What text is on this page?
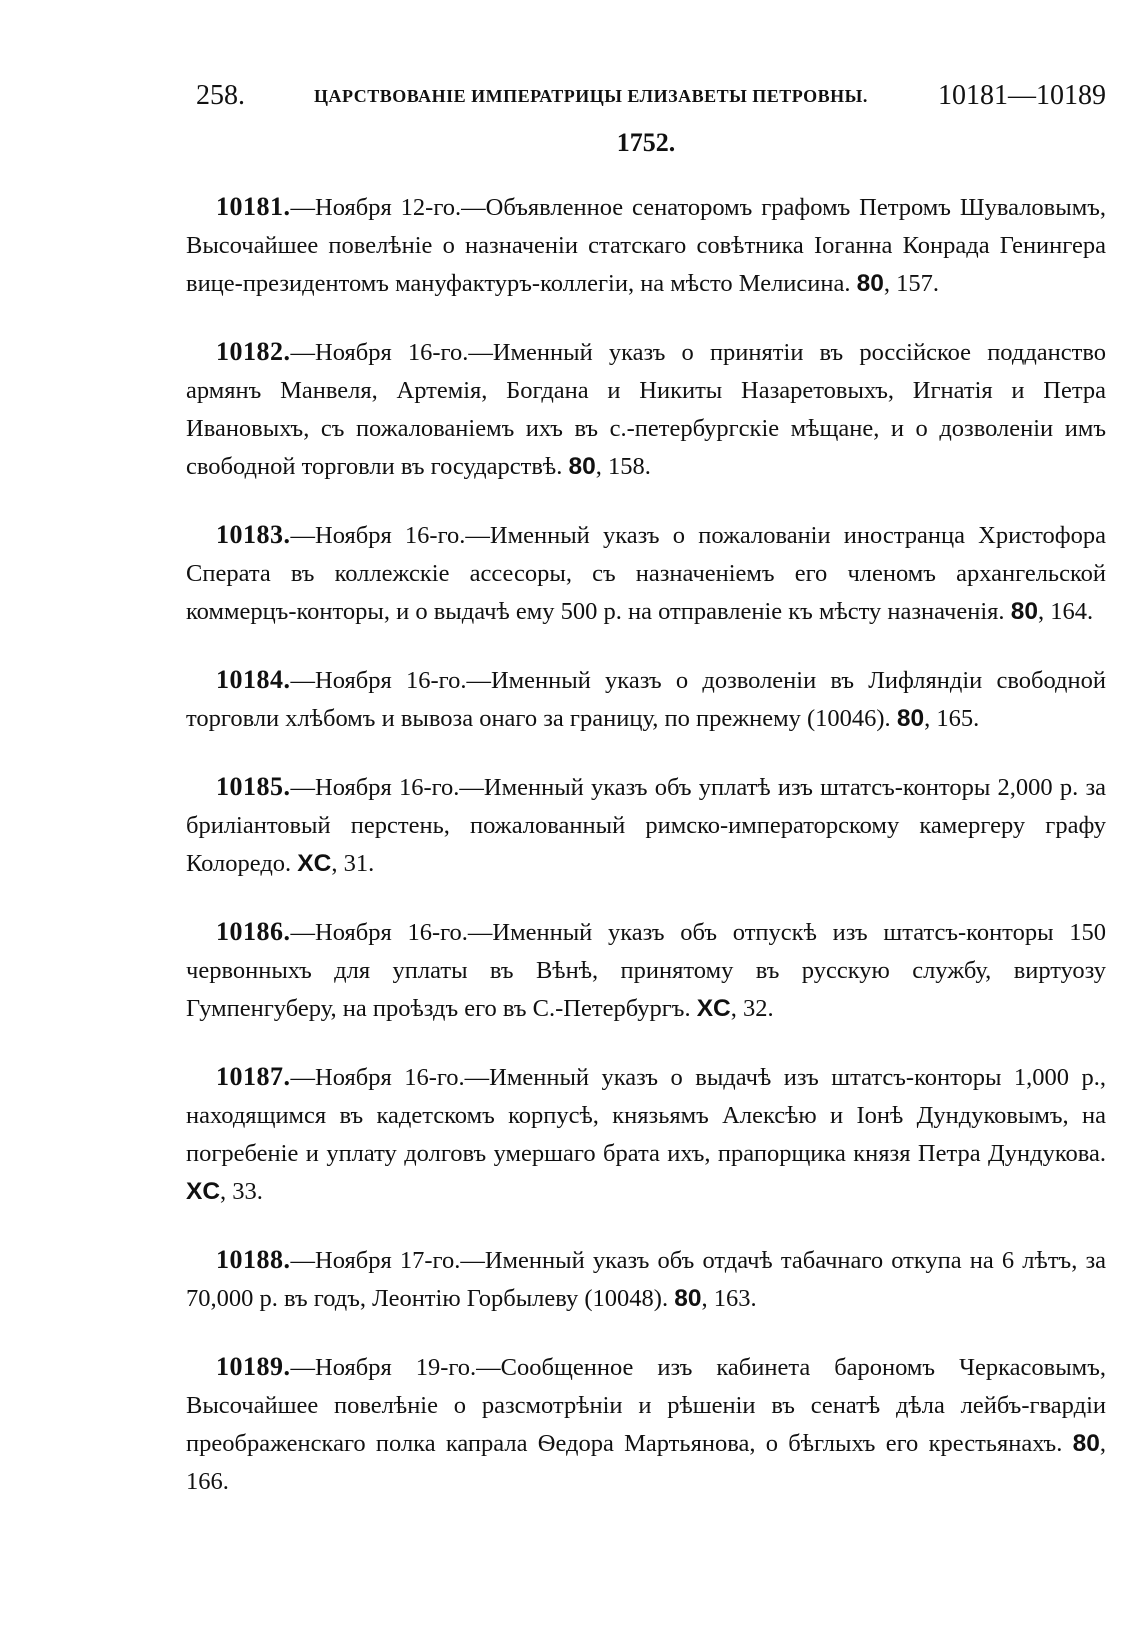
258.	ЦАРСТВОВАНІЕ ИМПЕРАТРИЦЫ ЕЛИЗАВЕТЫ ПЕТРОВНЫ.	10181—10189
1752.
10181 . —Ноября 12-го.—Объявленное сенаторомъ графомъ Петромъ Шуваловымъ, Высочайшее повелѣніе о назначеніи статскаго совѣтника Іоганна Конрада Генингера вице-президентомъ мануфактуръ-коллегіи, на мѣсто Мелисина. 80, 157.
10182 . —Ноября 16-го.—Именный указъ о принятіи въ россійское подданство армянъ Манвеля, Артемія, Богдана и Никиты Назаретовыхъ, Игнатія и Петра Ивановыхъ, съ пожалованіемъ ихъ въ с.-петербургскіе мѣщане, и о дозволеніи имъ свободной торговли въ государствѣ. 80, 158.
10183 . —Ноября 16-го.—Именный указъ о пожалованіи иностранца Христофора Сперата въ коллежскіе ассесоры, съ назначеніемъ его членомъ архангельской коммерцъ-конторы, и о выдачѣ ему 500 р. на отправленіе къ мѣсту назначенія. 80, 164.
10184 . —Ноября 16-го.—Именный указъ о дозволеніи въ Лифляндіи свободной торговли хлѣбомъ и вывоза онаго за границу, по прежнему (10046). 80, 165.
10185 . —Ноября 16-го.—Именный указъ объ уплатѣ изъ штатсъ-конторы 2,000 р. за бриліантовый перстень, пожалованный римско-императорскому камергеру графу Колоредо. XC, 31.
10186 . —Ноября 16-го.—Именный указъ объ отпускѣ изъ штатсъ-конторы 150 червонныхъ для уплаты въ Вѣнѣ, принятому въ русскую службу, виртуозу Гумпенгуберу, на проѣздъ его въ С.-Петербургъ. XC, 32.
10187 . —Ноября 16-го.—Именный указъ о выдачѣ изъ штатсъ-конторы 1,000 р., находящимся въ кадетскомъ корпусѣ, князьямъ Алексѣю и Іонѣ Дундуковымъ, на погребеніе и уплату долговъ умершаго брата ихъ, прапорщика князя Петра Дундукова. XC, 33.
10188 . —Ноября 17-го.—Именный указъ объ отдачѣ табачнаго откупа на 6 лѣтъ, за 70,000 р. въ годъ, Леонтію Горбылеву (10048). 80, 163.
10189 . —Ноября 19-го.—Сообщенное изъ кабинета барономъ Черкасовымъ, Высочайшее повелѣніе о разсмотрѣніи и рѣшеніи въ сенатѣ дѣла лейбъ-гвардіи преображенскаго полка капрала Ѳедора Мартьянова, о бѣглыхъ его крестьянахъ. 80, 166.
